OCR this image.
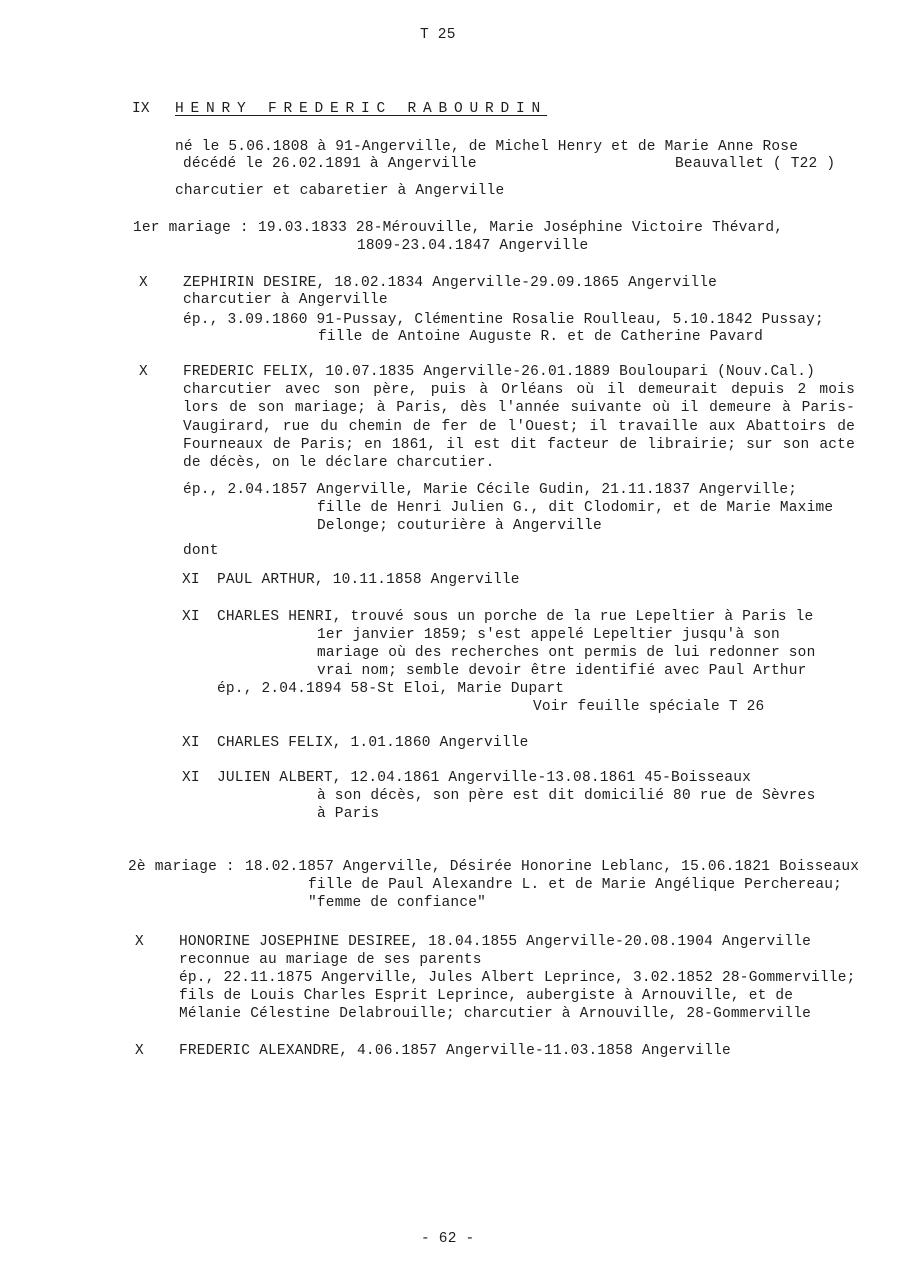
T 25
IX HENRY FREDERIC RABOURDIN
né le 5.06.1808 à 91-Angerville, de Michel Henry et de Marie Anne Rose
décédé le 26.02.1891 à Angerville	Beauvallet ( T22 )
charcutier et cabaretier à Angerville
1er mariage : 19.03.1833 28-Mérouville, Marie Joséphine Victoire Thévard,
1809-23.04.1847 Angerville
X ZEPHIRIN DESIRE, 18.02.1834 Angerville-29.09.1865 Angerville
charcutier à Angerville
ép., 3.09.1860 91-Pussay, Clémentine Rosalie Roulleau, 5.10.1842 Pussay;
fille de Antoine Auguste R. et de Catherine Pavard
X FREDERIC FELIX, 10.07.1835 Angerville-26.01.1889 Bouloupari (Nouv.Cal.)
charcutier avec son père, puis à Orléans où il demeurait depuis 2 mois
lors de son mariage; à Paris, dès l'année suivante où il demeure à Paris-
Vaugirard, rue du chemin de fer de l'Ouest; il travaille aux Abattoirs de
Fourneaux de Paris; en 1861, il est dit facteur de librairie; sur son acte
de décès, on le déclare charcutier.
ép., 2.04.1857 Angerville, Marie Cécile Gudin, 21.11.1837 Angerville;
fille de Henri Julien G., dit Clodomir, et de Marie Maxime
Delonge; couturière à Angerville
dont
XI PAUL ARTHUR, 10.11.1858 Angerville
XI CHARLES HENRI, trouvé sous un porche de la rue Lepeltier à Paris le
1er janvier 1859; s'est appelé Lepeltier jusqu'à son
mariage où des recherches ont permis de lui redonner son
vrai nom; semble devoir être identifié avec Paul Arthur
ép., 2.04.1894 58-St Eloi, Marie Dupart
Voir feuille spéciale T 26
XI CHARLES FELIX, 1.01.1860 Angerville
XI JULIEN ALBERT, 12.04.1861 Angerville-13.08.1861 45-Boisseaux
à son décès, son père est dit domicilié 80 rue de Sèvres
à Paris
2è mariage : 18.02.1857 Angerville, Désirée Honorine Leblanc, 15.06.1821 Boisseaux
fille de Paul Alexandre L. et de Marie Angélique Perchereau;
"femme de confiance"
X HONORINE JOSEPHINE DESIREE, 18.04.1855 Angerville-20.08.1904 Angerville
reconnue au mariage de ses parents
ép., 22.11.1875 Angerville, Jules Albert Leprince, 3.02.1852 28-Gommerville;
fils de Louis Charles Esprit Leprince, aubergiste à Arnouville, et de
Mélanie Célestine Delabrouille; charcutier à Arnouville, 28-Gommerville
X FREDERIC ALEXANDRE, 4.06.1857 Angerville-11.03.1858 Angerville
- 62 -
